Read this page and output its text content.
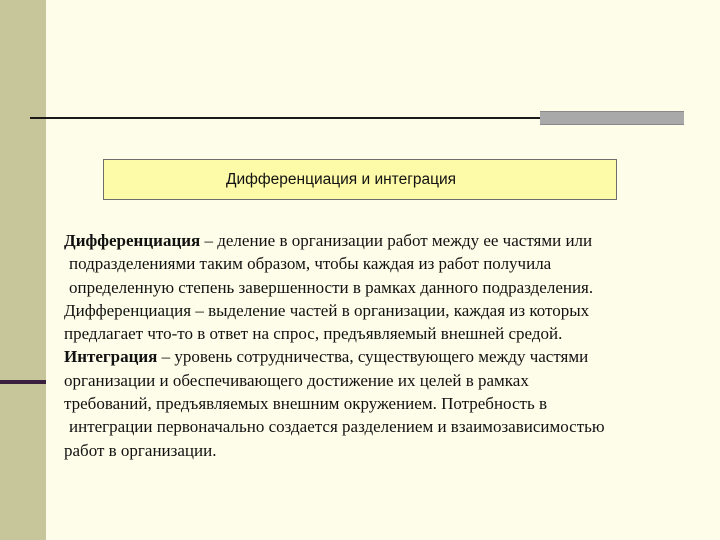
Дифференциация и интеграция
Дифференциация – деление в организации работ между ее частями или
подразделениями таким образом, чтобы каждая из работ получила
определенную степень завершенности в рамках данного подразделения.
Дифференциация – выделение частей в организации, каждая из которых
предлагает что-то в ответ на спрос, предъявляемый внешней средой.
Интеграция – уровень сотрудничества, существующего между частями
организации и обеспечивающего достижение их целей в рамках
требований, предъявляемых внешним окружением. Потребность в
интеграции первоначально создается разделением и взаимозависимостью
работ в организации.
